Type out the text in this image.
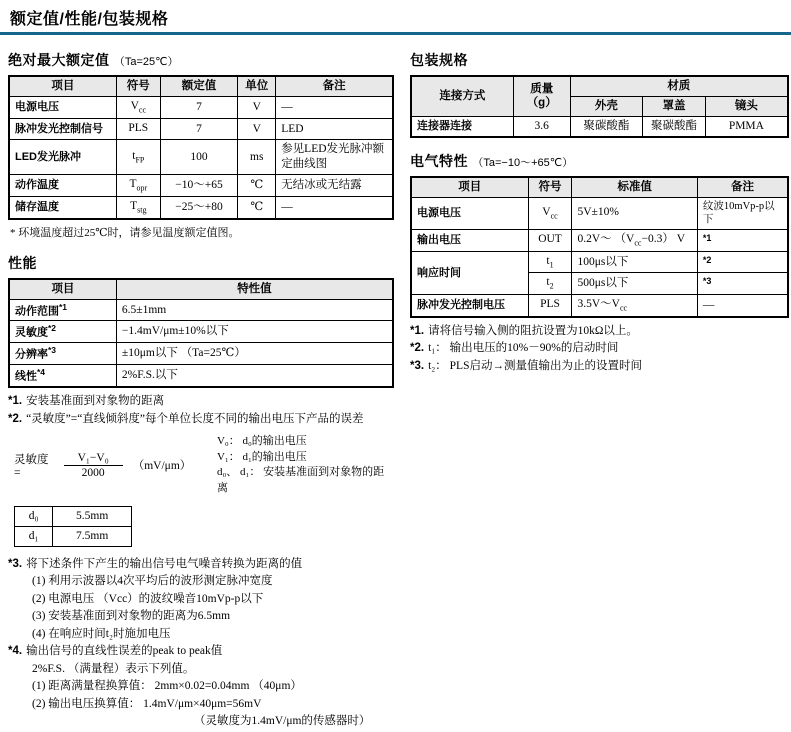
额定值/性能/包装规格
绝对最大额定值 （Ta=25℃）
项目	符号	额定值	单位	备注
电源电压	$V_{cc}$	7	V	—
脉冲发光控制信号	PLS	7	V	LED
LED发光脉冲	$t_{FP}$	100	ms	参见LED发光脉冲额定曲线图
动作温度	$T_{opr}$	−10～+65	℃	无结冰或无结露
储存温度	$T_{stg}$	−25～+80	℃	—
* 环境温度超过25℃时，请参见温度额定值图。
性能
项目	特性值
动作范围$^{*1}$	6.5±1mm
灵敏度$^{*2}$	−1.4mV/μm±10%以下
分辨率$^{*3}$	±10μm以下 （Ta=25℃）
线性$^{*4}$	2%F.S.以下
*1. 安装基准面到对象物的距离
*2. “灵敏度”=“直线倾斜度”每个单位长度不同的输出电压下产品的误差
灵敏度 =	$\frac{\text{V₁−V₀}}{2000} (mV/\mu m)$
V₀： d₀的输出电压
V₁： d₁的输出电压
d₀、 d₁： 安装基准面到对象物的距离
d₀	5.5mm
d₁	7.5mm
*3. 将下述条件下产生的输出信号电气噪音转换为距离的值
(1) 利用示波器以4次平均后的波形测定脉冲宽度
(2) 电源电压 （Vcc）的波纹噪音10mVp-p以下
(3) 安装基准面到对象物的距离为6.5mm
(4) 在响应时间t₂时施加电压
*4. 输出信号的直线性误差的peak to peak值
2%F.S. （满量程）表示下列值。
(1) 距离满量程换算值： 2mm×0.02=0.04mm （40μm）
(2) 输出电压换算值： 1.4mV/μm×40μm=56mV
（灵敏度为1.4mV/μm的传感器时）
包装规格
连接方式	质量 （g）	材质		
		外壳	罩盖	镜头
连接器连接	3.6	聚碳酸酯	聚碳酸酯	PMMA
电气特性 （Ta=−10～+65℃）
项目	符号	标准值	备注
电源电压	$V_{cc}$	5V±10%	纹波10mVp-p以下
输出电压	OUT	0.2V～ $(V_{cc}-0.3)$ V	$^{*1}$
响应时间	$t_1$	100μs以下	$^{*2}$
	$t_2$	500μs以下	$^{*3}$
脉冲发光控制电压	PLS	$3.5V\sim V_{cc}$	—
*1. 请将信号输入侧的阻抗设置为10kΩ以上。
*2. t₁： 输出电压的10%－90%的启动时间
*3. t₂： PLS启动→测量值输出为止的设置时间
